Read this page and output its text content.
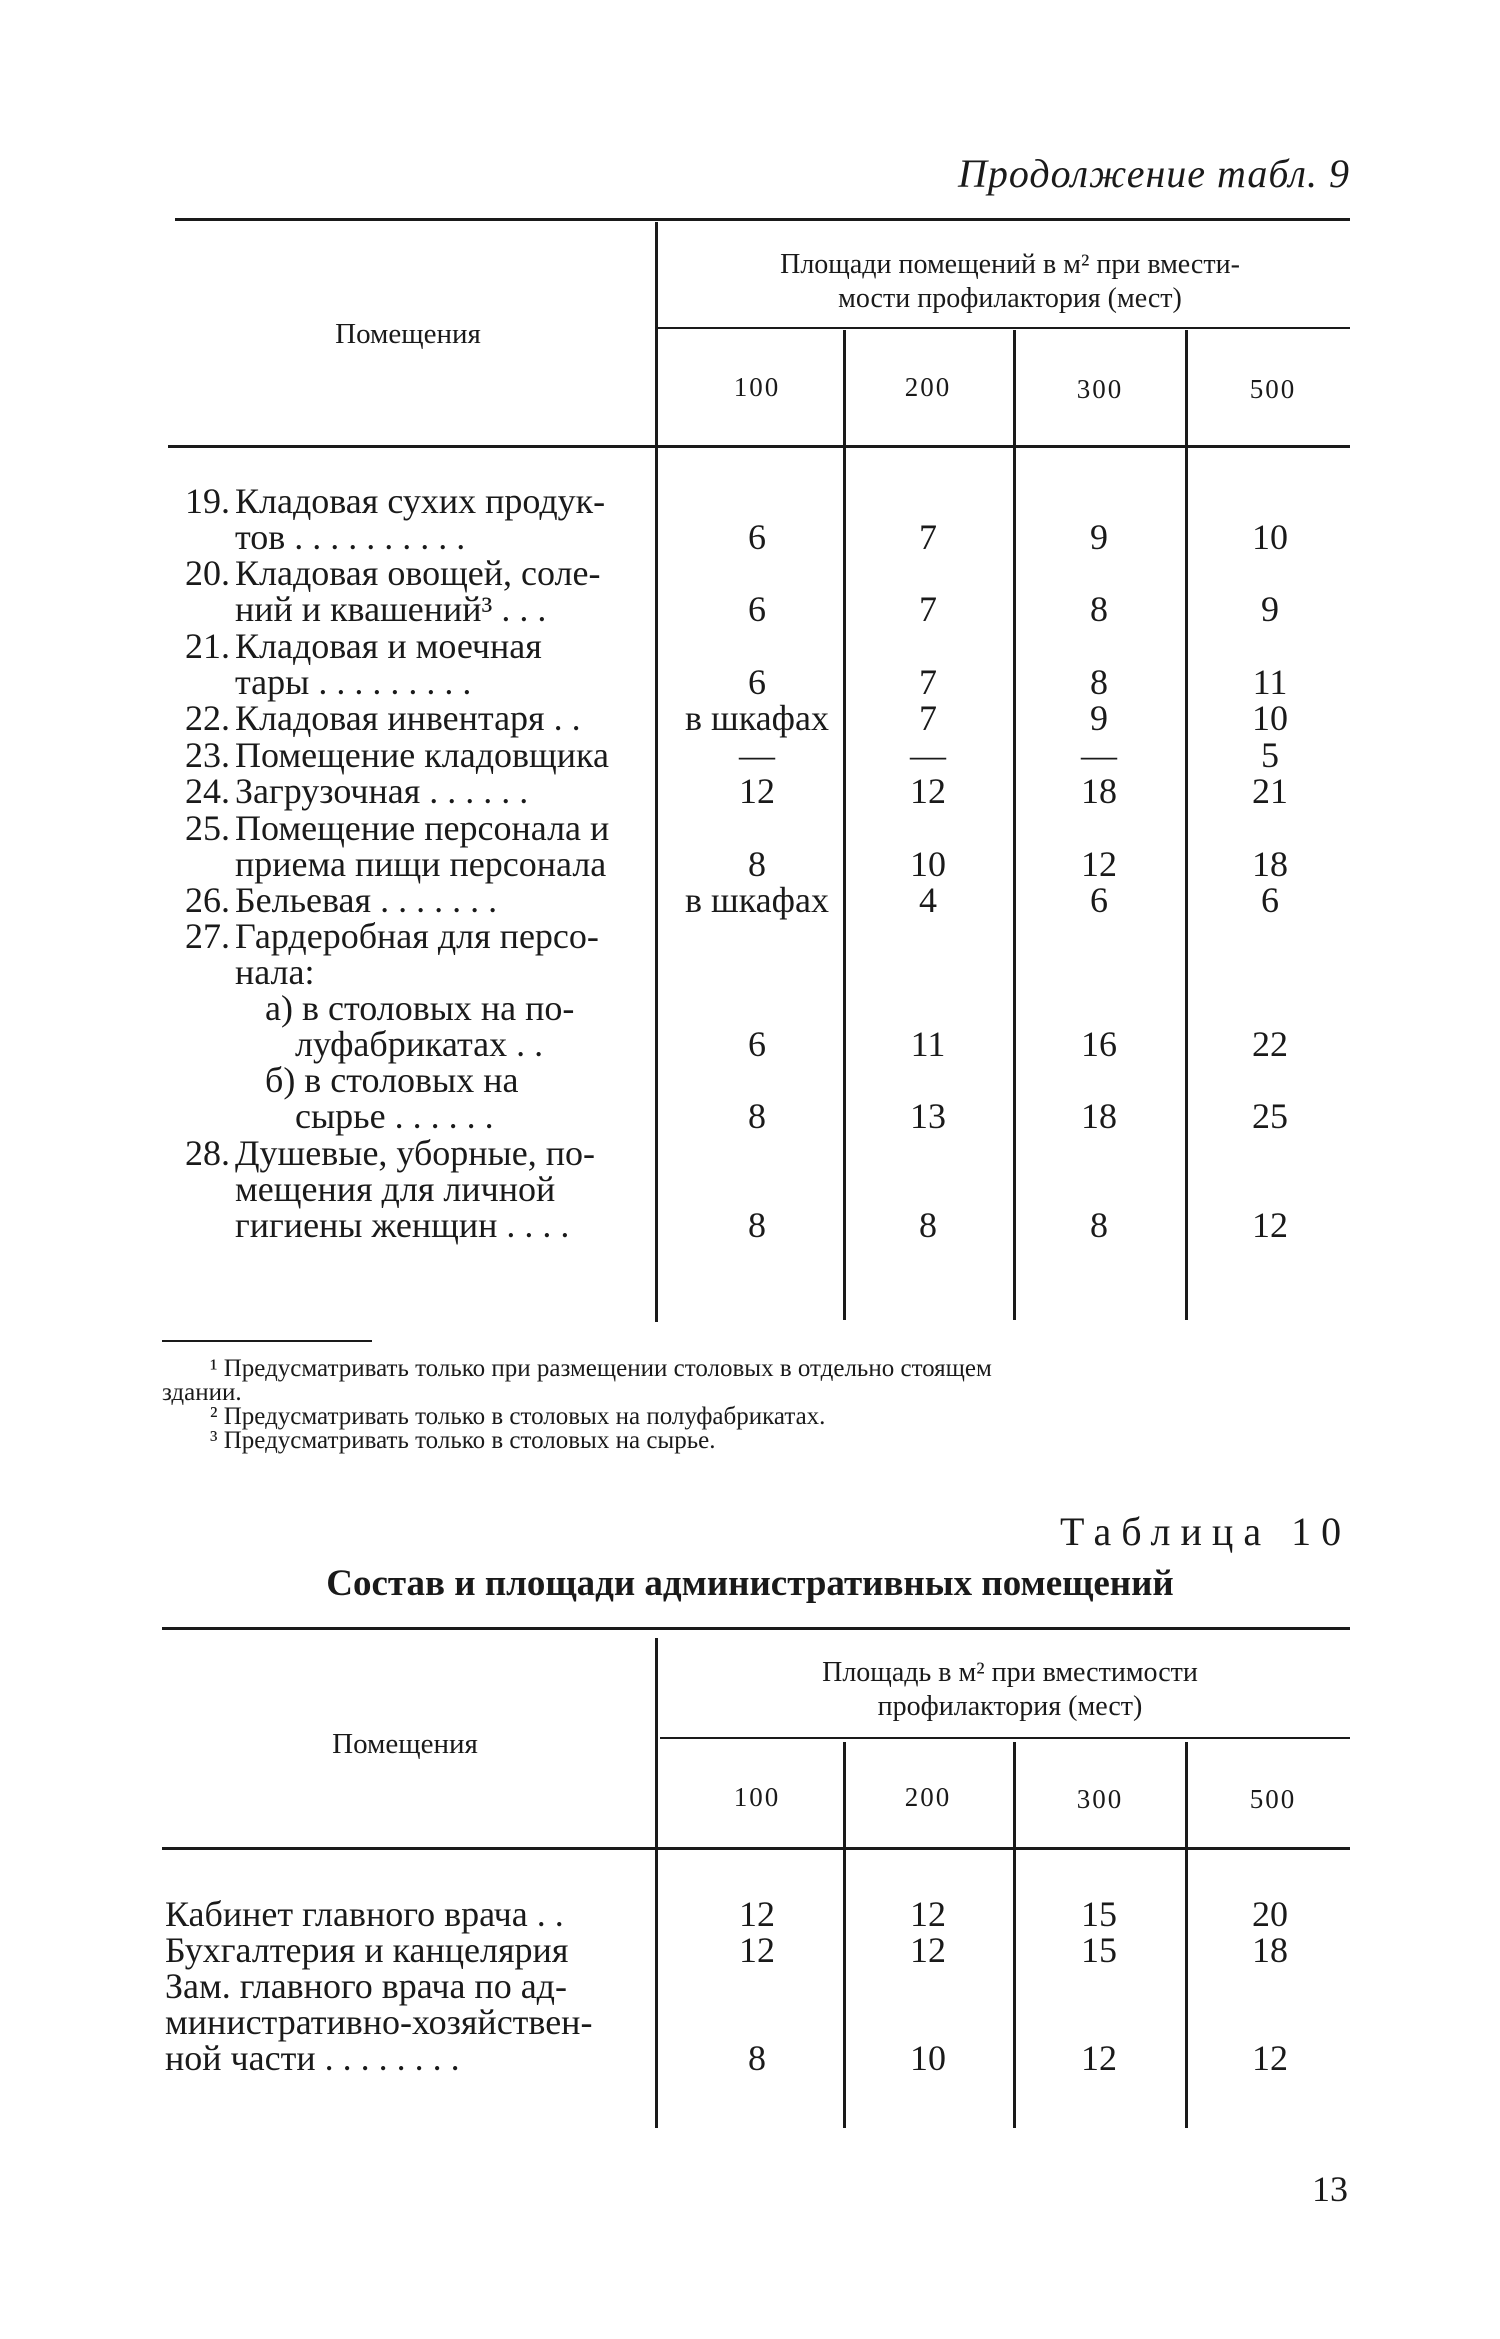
Продолжение табл. 9
Помещения
Площади помещений в м² при вмести-
мости профилактория (мест)
100	200	300	500
19. Кладовая сухих продук-
тов . . . . . . . . . .	6	7	9	10
20. Кладовая овощей, соле-
ний и квашений³ . . .	6	7	8	9
21. Кладовая и моечная
тары . . . . . . . . .	6	7	8	11
22. Кладовая инвентаря . .	в шкафах	7	9	10
23. Помещение кладовщика	—	—	—	5
24. Загрузочная . . . . . .	12	12	18	21
25. Помещение персонала и
приема пищи персонала	8	10	12	18
26. Бельевая . . . . . . .	в шкафах	4	6	6
27. Гардеробная для персо-
нала:
а) в столовых на по-
луфабрикатах . .	6	11	16	22
б) в столовых на
сырье . . . . . .	8	13	18	25
28. Душевые, уборные, по-
мещения для личной
гигиены женщин . . . .	8	8	8	12
¹ Предусматривать только при размещении столовых в отдельно стоящем
здании.
² Предусматривать только в столовых на полуфабрикатах.
³ Предусматривать только в столовых на сырье.
Таблица 10
Состав и площади административных помещений
Помещения
Площадь в м² при вместимости
профилактория (мест)
100	200	300	500
Кабинет главного врача . .	12	12	15	20
Бухгалтерия и канцелярия	12	12	15	18
Зам. главного врача по ад-
министративно-хозяйствен-
ной части . . . . . . . .	8	10	12	12
13
